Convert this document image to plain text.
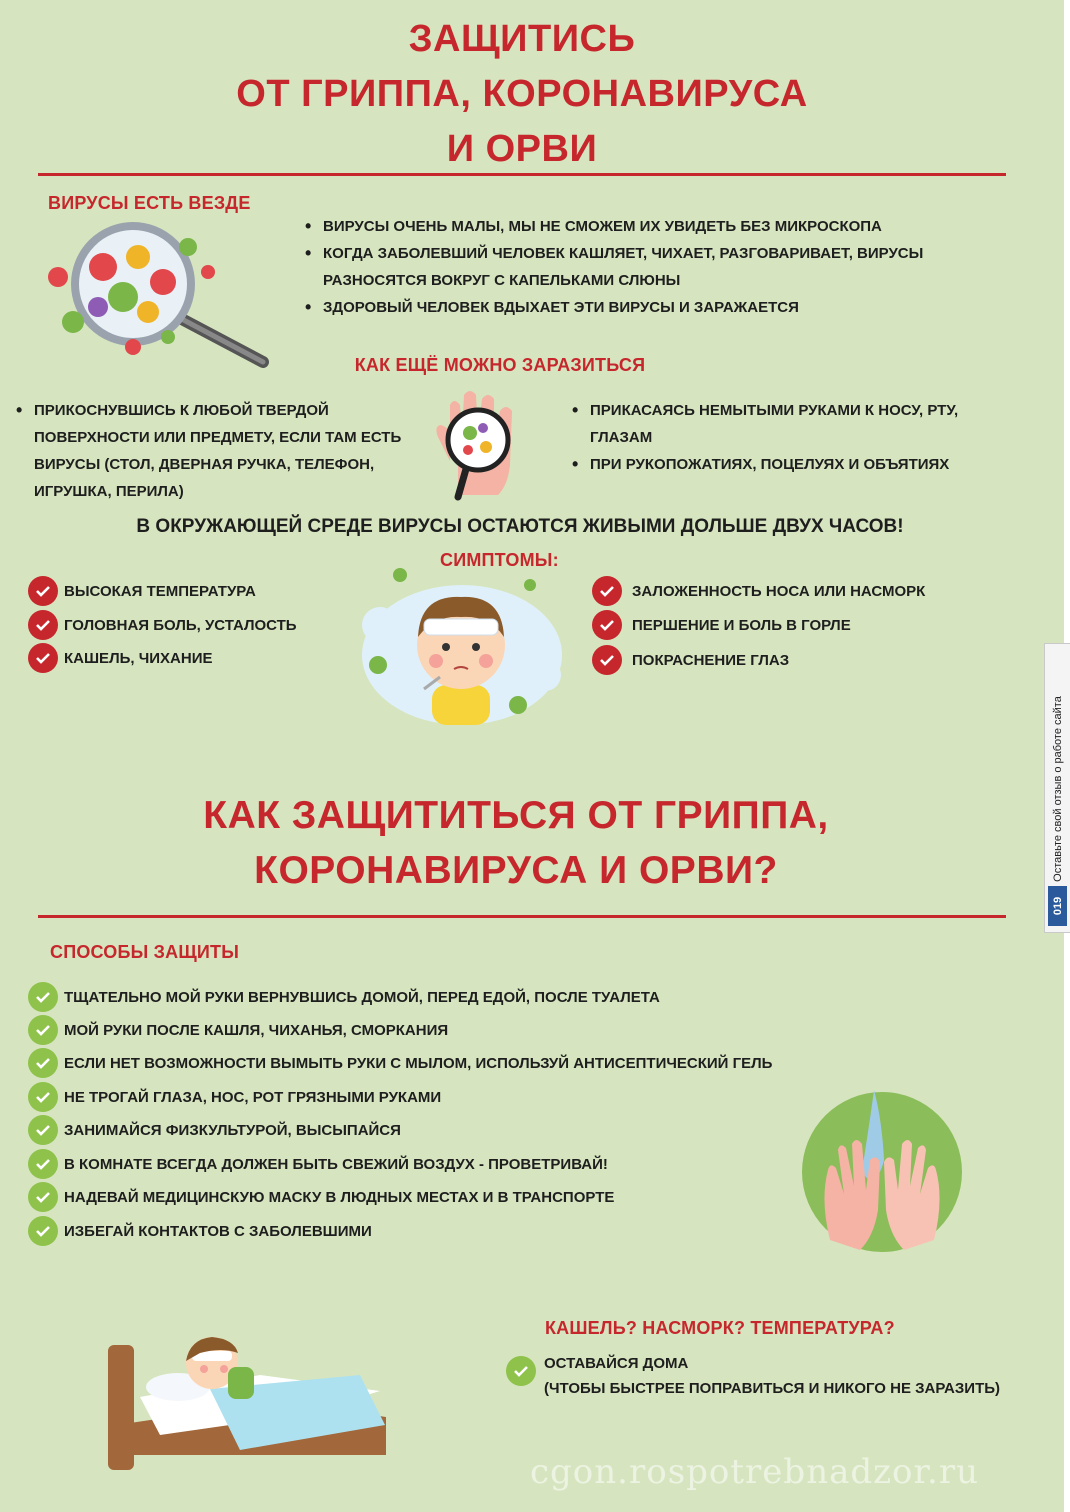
ЗАЩИТИСЬ
ОТ ГРИППА, КОРОНАВИРУСА
И ОРВИ
ВИРУСЫ ЕСТЬ ВЕЗДЕ
• ВИРУСЫ ОЧЕНЬ МАЛЫ, МЫ НЕ СМОЖЕМ ИХ УВИДЕТЬ БЕЗ МИКРОСКОПА
• КОГДА ЗАБОЛЕВШИЙ ЧЕЛОВЕК КАШЛЯЕТ, ЧИХАЕТ, РАЗГОВАРИВАЕТ, ВИРУСЫ РАЗНОСЯТСЯ ВОКРУГ С КАПЕЛЬКАМИ СЛЮНЫ
• ЗДОРОВЫЙ ЧЕЛОВЕК ВДЫХАЕТ ЭТИ ВИРУСЫ И ЗАРАЖАЕТСЯ
КАК ЕЩЁ МОЖНО ЗАРАЗИТЬСЯ
• ПРИКОСНУВШИСЬ К ЛЮБОЙ ТВЕРДОЙ ПОВЕРХНОСТИ ИЛИ ПРЕДМЕТУ, ЕСЛИ ТАМ ЕСТЬ ВИРУСЫ (СТОЛ, ДВЕРНАЯ РУЧКА, ТЕЛЕФОН, ИГРУШКА, ПЕРИЛА)
• ПРИКАСАЯСЬ НЕМЫТЫМИ РУКАМИ К НОСУ, РТУ, ГЛАЗАМ
• ПРИ РУКОПОЖАТИЯХ, ПОЦЕЛУЯХ И ОБЪЯТИЯХ
В ОКРУЖАЮЩЕЙ СРЕДЕ ВИРУСЫ ОСТАЮТСЯ ЖИВЫМИ ДОЛЬШЕ ДВУХ ЧАСОВ!
СИМПТОМЫ:
ВЫСОКАЯ ТЕМПЕРАТУРА
ГОЛОВНАЯ БОЛЬ, УСТАЛОСТЬ
КАШЕЛЬ, ЧИХАНИЕ
ЗАЛОЖЕННОСТЬ НОСА ИЛИ НАСМОРК
ПЕРШЕНИЕ И БОЛЬ В ГОРЛЕ
ПОКРАСНЕНИЕ ГЛАЗ
КАК ЗАЩИТИТЬСЯ ОТ ГРИППА,
КОРОНАВИРУСА И ОРВИ?
СПОСОБЫ ЗАЩИТЫ
ТЩАТЕЛЬНО МОЙ РУКИ ВЕРНУВШИСЬ ДОМОЙ, ПЕРЕД ЕДОЙ, ПОСЛЕ ТУАЛЕТА
МОЙ РУКИ ПОСЛЕ КАШЛЯ, ЧИХАНЬЯ, СМОРКАНИЯ
ЕСЛИ НЕТ ВОЗМОЖНОСТИ ВЫМЫТЬ РУКИ С МЫЛОМ, ИСПОЛЬЗУЙ АНТИСЕПТИЧЕСКИЙ ГЕЛЬ
НЕ ТРОГАЙ ГЛАЗА, НОС, РОТ ГРЯЗНЫМИ РУКАМИ
ЗАНИМАЙСЯ ФИЗКУЛЬТУРОЙ, ВЫСЫПАЙСЯ
В КОМНАТЕ ВСЕГДА ДОЛЖЕН БЫТЬ СВЕЖИЙ ВОЗДУХ - ПРОВЕТРИВАЙ!
НАДЕВАЙ МЕДИЦИНСКУЮ МАСКУ В ЛЮДНЫХ МЕСТАХ И В ТРАНСПОРТЕ
ИЗБЕГАЙ КОНТАКТОВ С ЗАБОЛЕВШИМИ
КАШЕЛЬ? НАСМОРК? ТЕМПЕРАТУРА?
ОСТАВАЙСЯ ДОМА
(ЧТОБЫ БЫСТРЕЕ ПОПРАВИТЬСЯ И НИКОГО НЕ ЗАРАЗИТЬ)
cgon.rospotrebnadzor.ru
Оставьте свой отзыв о работе сайта
019
